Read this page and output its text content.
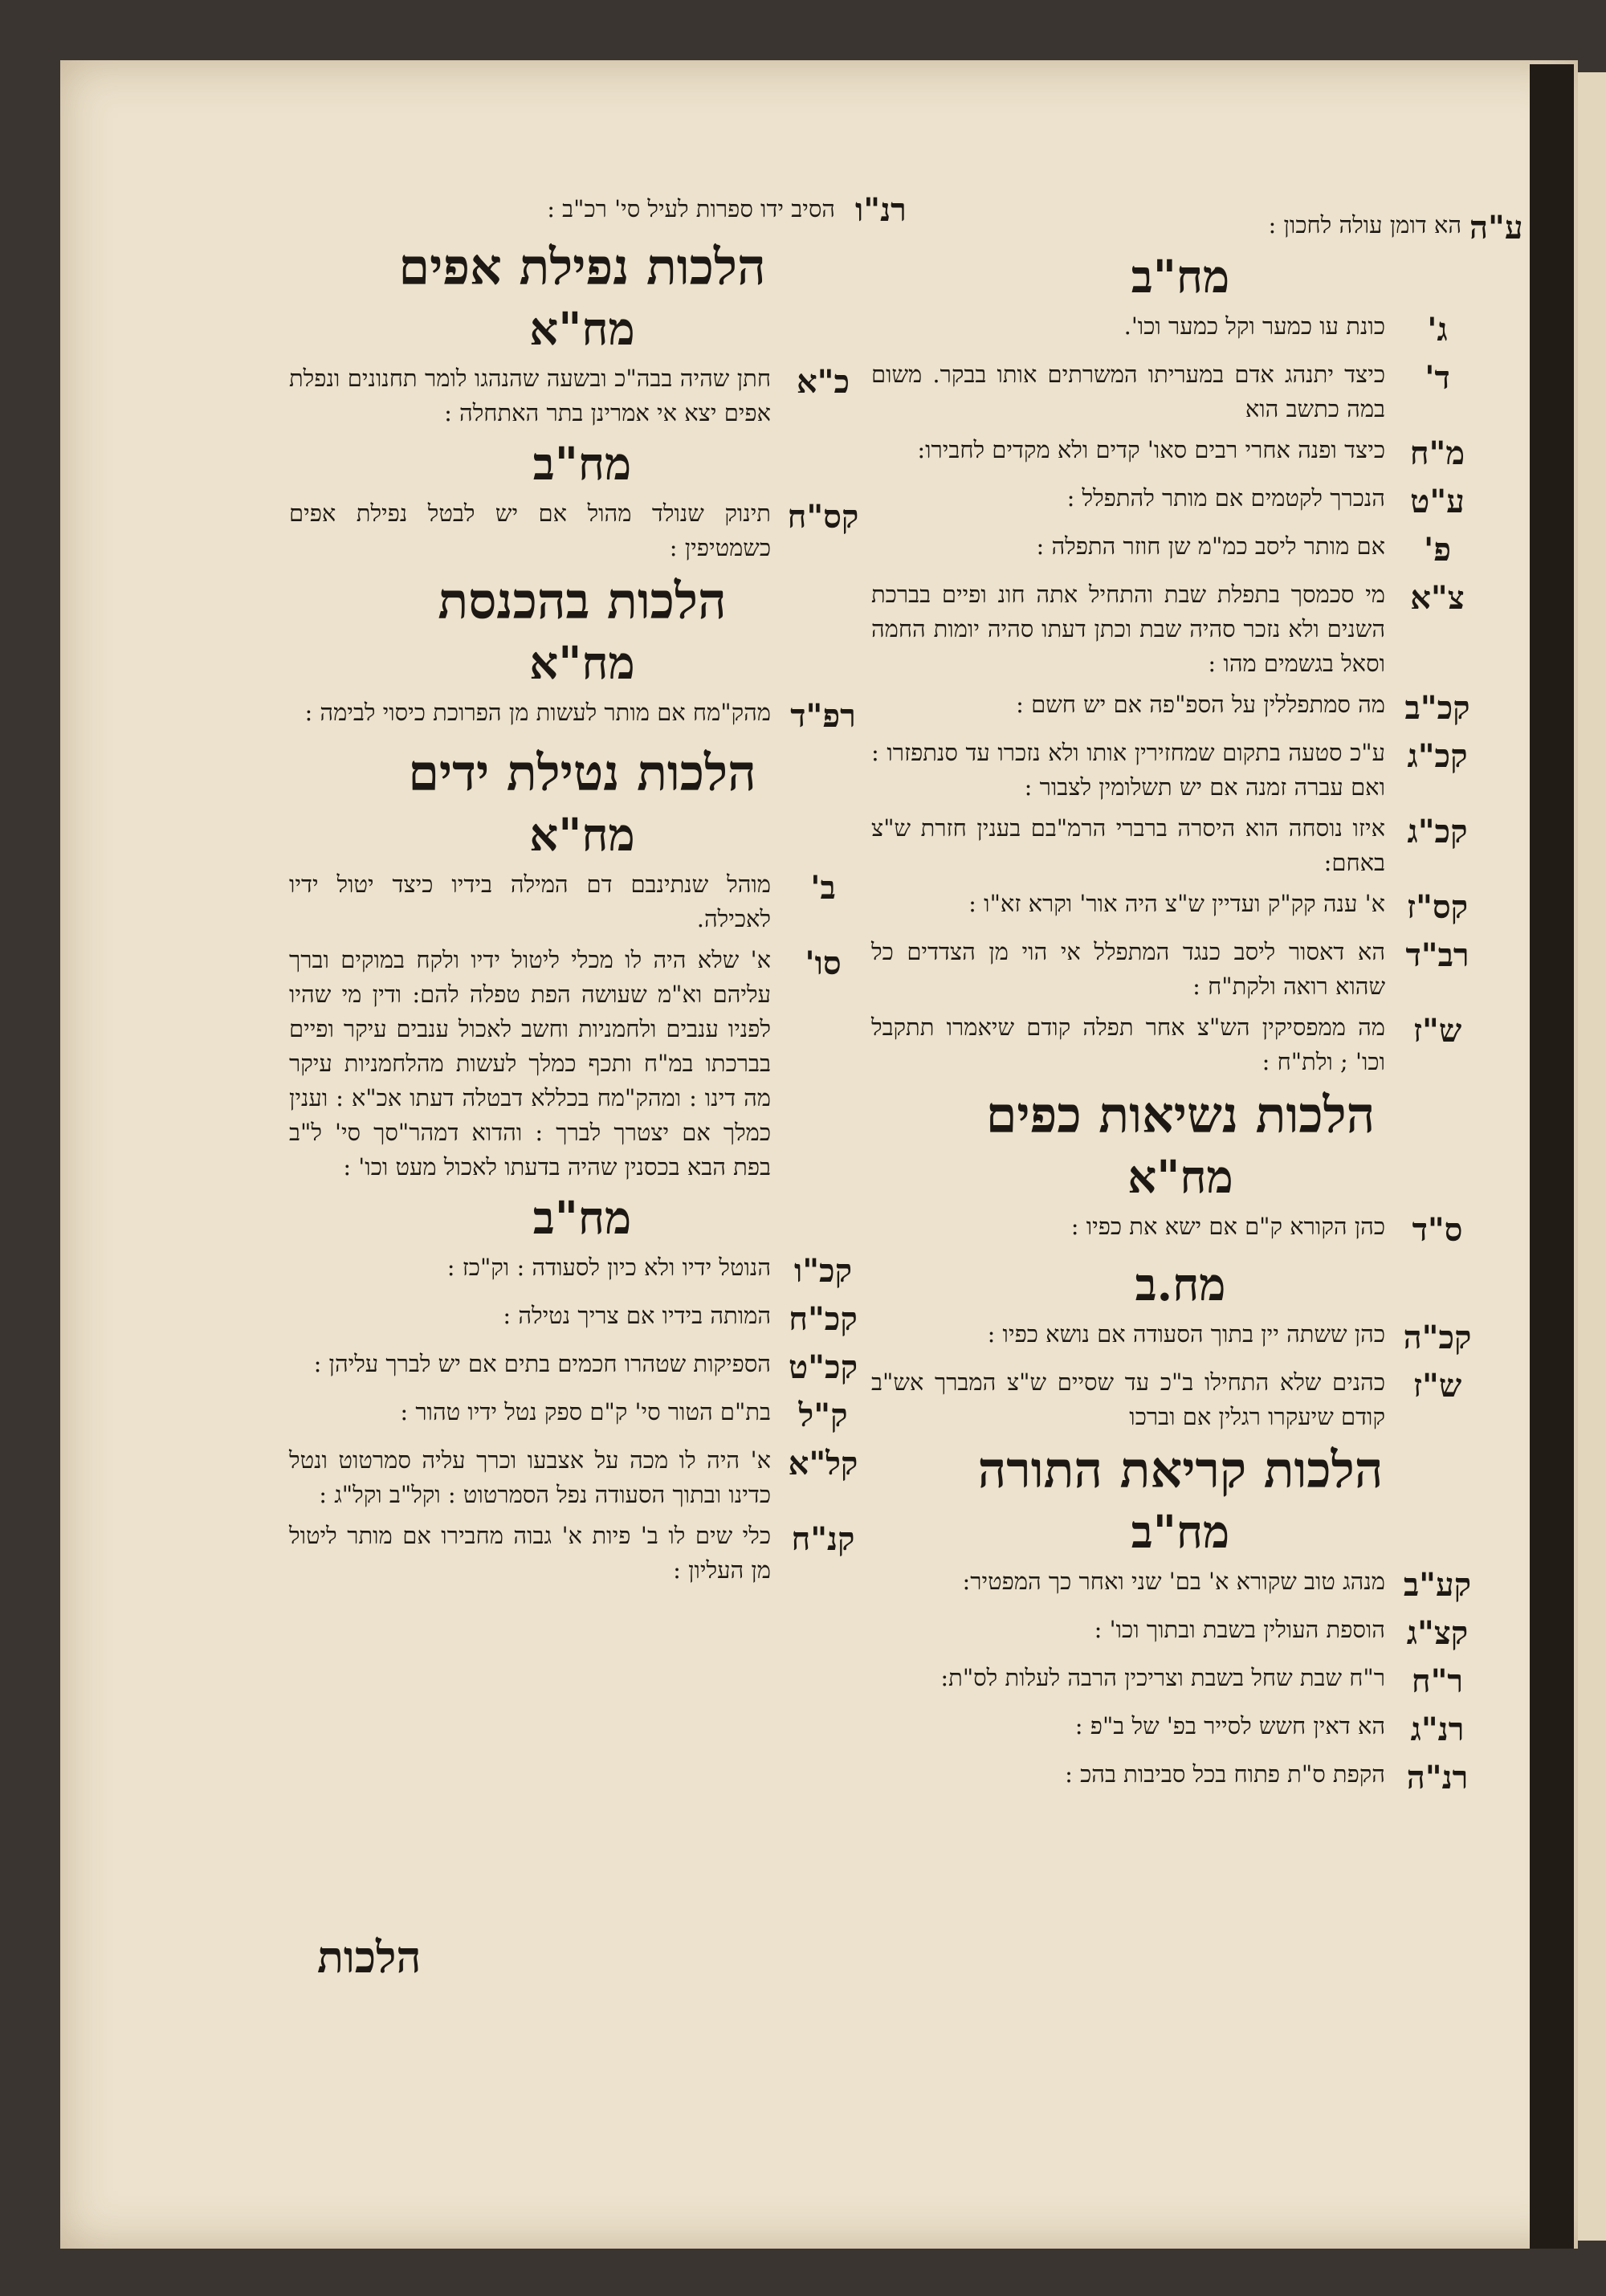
רנ"ו
הסיב ידו ספרות לעיל סי' רכ"ב :	ע"ה
הא דומן עולה לחכון :
מח"ב
ג'
כונת עו כמער וקל כמער וכו'.
ד'
כיצד יתנהג אדם במעריתו המשרתים אותו בבקר. משום במה כתשב הוא
מ"ח
כיצד ופנה אחרי רבים סאו' קדים ולא מקדים לחבירו:
ע"ט
הנכרך לקטמים אם מותר להתפלל :
פ'
אם מותר ליסב כמ"מ שן חוזר התפלה :
צ"א
מי סכמסך בתפלת שבת והתחיל אתה חונ ופיים בברכת השנים ולא נזכר סהיה שבת וכתן דעתו סהיה יומות החמה וסאל בגשמים מהו :
קכ"ב
מה סמתפללין על הספ"פה אם יש חשם :
קכ"ג
ע"כ סטעה בתקום שמחזירין אותו ולא נזכרו עד סנתפזרו : ואם עברה זמנה אם יש תשלומין לצבור :
קכ"ג
איזו נוסחה הוא היסרה ברברי הרמ"בם בענין חזרת ש"צ באחם:
קס"ז
א' ענה קק"ק ועדיין ש"צ היה אור' וקרא זא"ו :
רב"ד
הא דאסור ליסב כנגד המתפלל אי הוי מן הצדדים כל שהוא רואה ולקת"ח :
ש"ז
מה ממפסיקין הש"צ אחר תפלה קודם שיאמרו תתקבל וכו' ; ולת"ח :
הלכות נשיאות כפים
מח"א
ס"ד
כהן הקורא ק"ם אם ישא את כפיו :
מח.ב
קכ"ה
כהן ששתה יין בתוך הסעודה אם נושא כפיו :
ש"ז
כהנים שלא התחילו ב"כ עד שסיים ש"צ המברך אש"ב קודם שיעקרו רגלין אם וברכו
הלכות קריאת התורה
מח"ב
קע"ב
מנהג טוב שקורא א' בם' שני ואחר כך המפטיר:
קצ"ג
הוספת העולין בשבת ובתוך וכו' :
ר"ח
ר"ח שבת שחל בשבת וצריכין הרבה לעלות לס"ת:
רנ"ג
הא דאין חשש לסייר בפ' של ב"פ :
רנ"ה
הקפת ס"ת פתוח בכל סביבות בהכ :
הלכות נפילת אפים
מח"א
כ"א
חתן שהיה בבה"כ ובשעה שהנהגו לומר תחנונים ונפלת אפים יצא אי אמרינן בתר האתחלה :
מח"ב
קס"ח
תינוק שנולד מהול אם יש לבטל נפילת אפים כשמטיפין :
הלכות בהכנסת
מח"א
רפ"ד
מהק"מח אם מותר לעשות מן הפרוכת כיסוי לבימה :
הלכות נטילת ידים
מח"א
ב'
מוהל שנתינבם דם המילה בידיו כיצד יטול ידיו לאכילה.
סו'
א' שלא היה לו מכלי ליטול ידיו ולקח במוקים וברך עליהם וא"מ שעושה הפת טפלה להם: ודין מי שהיו לפניו ענבים ולחמניות וחשב לאכול ענבים עיקר ופיים בברכתו במ"ח ותכף כמלך לעשות מהלחמניות עיקר מה דינו : ומהק"מח בכללא דבטלה דעתו אכ"א : וענין כמלך אם יצטרך לברך : והדוא דמהר"סך סי' ל"ב בפת הבא בכסנין שהיה בדעתו לאכול מעט וכו' :
מח"ב
קכ"ו
הנוטל ידיו ולא כיון לסעודה : וק"כז :
קכ"ח
המותה בידיו אם צריך נטילה :
קכ"ט
הספיקות שטהרו חכמים בתים אם יש לברך עליהן :
ק"ל
בת"ם הטור סי' ק"ם ספק נטל ידיו טהור :
קל"א
א' היה לו מכה על אצבעו וכרך עליה סמרטוט ונטל כדינו ובתוך הסעודה נפל הסמרטוט : וקל"ב וקל"ג :
קנ"ח
כלי שים לו ב' פיות א' גבוה מחבירו אם מותר ליטול מן העליון :
הלכות
